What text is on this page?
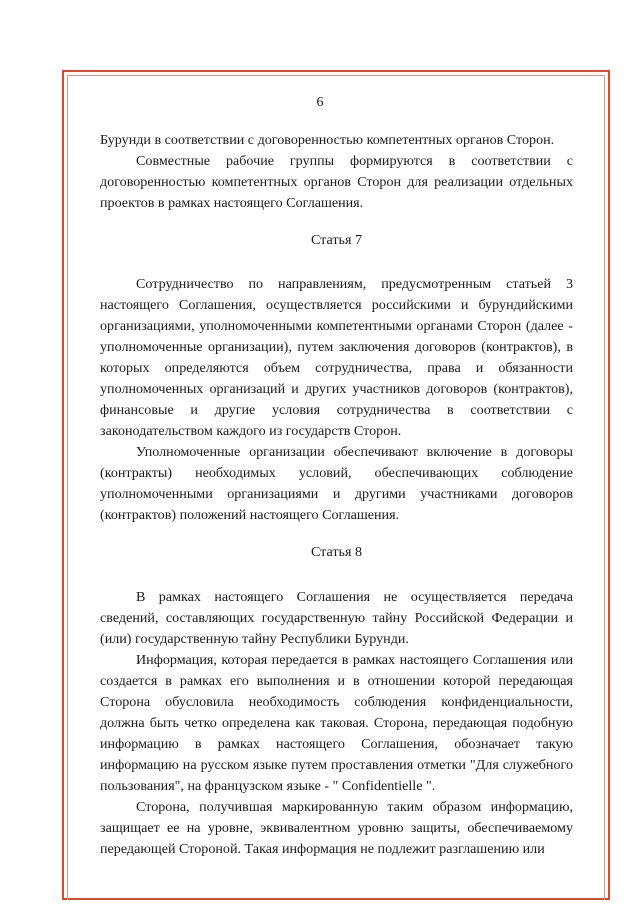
6

Бурунди в соответствии с договоренностью компетентных органов Сторон.

Совместные рабочие группы формируются в соответствии с договоренностью компетентных органов Сторон для реализации отдельных проектов в рамках настоящего Соглашения.

Статья 7

Сотрудничество по направлениям, предусмотренным статьей 3 настоящего Соглашения, осуществляется российскими и бурундийскими организациями, уполномоченными компетентными органами Сторон (далее - уполномоченные организации), путем заключения договоров (контрактов), в которых определяются объем сотрудничества, права и обязанности уполномоченных организаций и других участников договоров (контрактов), финансовые и другие условия сотрудничества в соответствии с законодательством каждого из государств Сторон.

Уполномоченные организации обеспечивают включение в договоры (контракты) необходимых условий, обеспечивающих соблюдение уполномоченными организациями и другими участниками договоров (контрактов) положений настоящего Соглашения.

Статья 8

В рамках настоящего Соглашения не осуществляется передача сведений, составляющих государственную тайну Российской Федерации и (или) государственную тайну Республики Бурунди.

Информация, которая передается в рамках настоящего Соглашения или создается в рамках его выполнения и в отношении которой передающая Сторона обусловила необходимость соблюдения конфиденциальности, должна быть четко определена как таковая. Сторона, передающая подобную информацию в рамках настоящего Соглашения, обозначает такую информацию на русском языке путем проставления отметки "Для служебного пользования", на французском языке - " Confidentielle ".

Сторона, получившая маркированную таким образом информацию, защищает ее на уровне, эквивалентном уровню защиты, обеспечиваемому передающей Стороной. Такая информация не подлежит разглашению или
